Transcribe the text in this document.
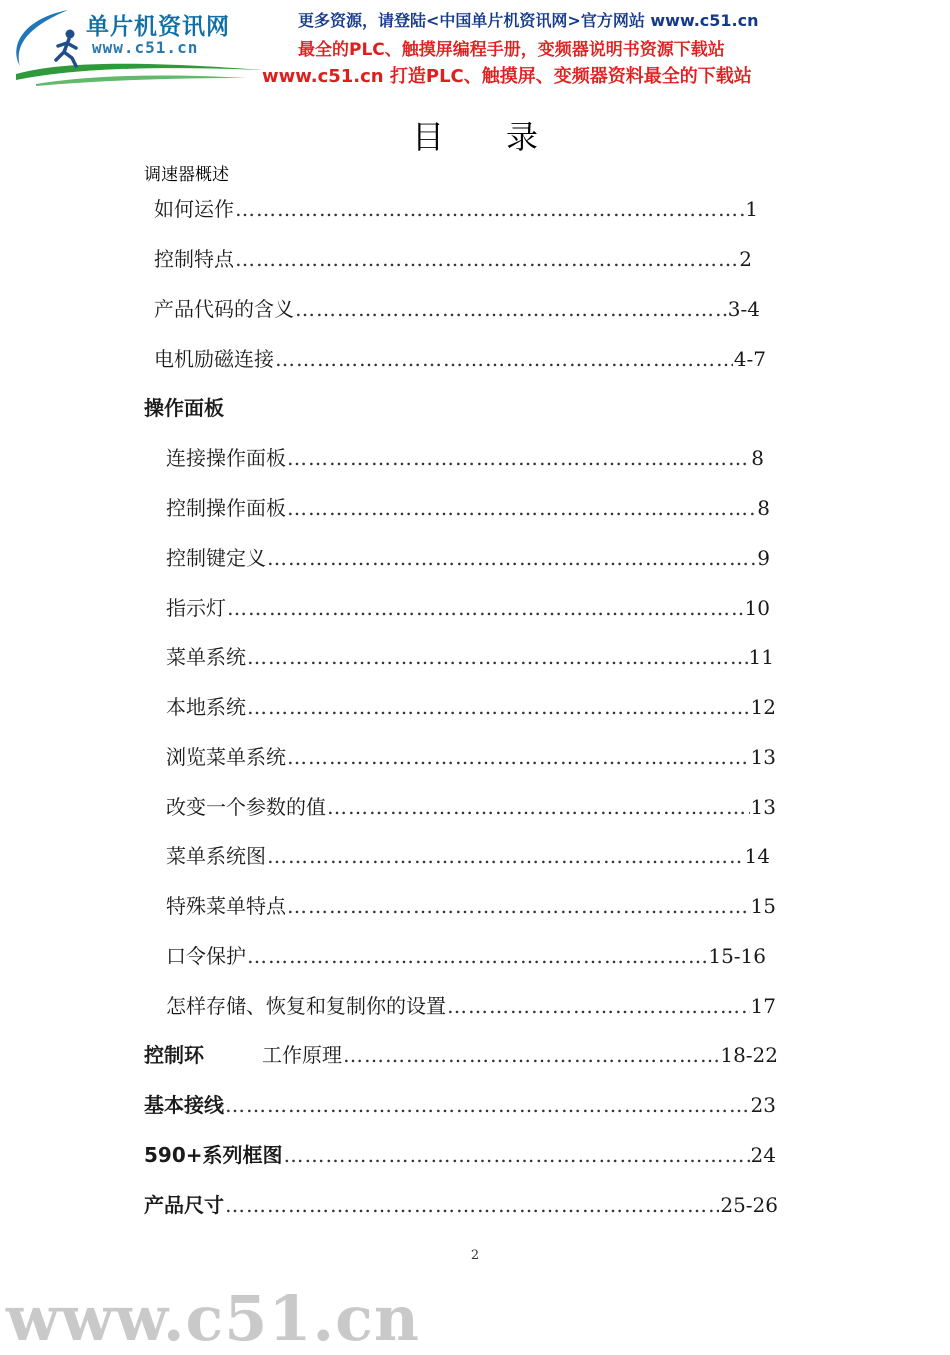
单片机资讯网
www.c51.cn
更多资源，请登陆<中国单片机资讯网>官方网站 www.c51.cn
最全的PLC、触摸屏编程手册，变频器说明书资源下载站
www.c51.cn 打造PLC、触摸屏、变频器资料最全的下载站
目录
调速器概述
如何运作 ……………………………………………………………………………………………………………………………………………………………………………………	1
控制特点 ……………………………………………………………………………………………………………………………………………………………………………………	2
产品代码的含义 ……………………………………………………………………………………………………………………………………………………………………………………	3-4
电机励磁连接 ……………………………………………………………………………………………………………………………………………………………………………………	4-7
操作面板
连接操作面板 ……………………………………………………………………………………………………………………………………………………………………………………	8
控制操作面板 ……………………………………………………………………………………………………………………………………………………………………………………	8
控制键定义 ……………………………………………………………………………………………………………………………………………………………………………………	9
指示灯 ……………………………………………………………………………………………………………………………………………………………………………………	10
菜单系统 ……………………………………………………………………………………………………………………………………………………………………………………	11
本地系统 ……………………………………………………………………………………………………………………………………………………………………………………	12
浏览菜单系统 ……………………………………………………………………………………………………………………………………………………………………………………	13
改变一个参数的值 ……………………………………………………………………………………………………………………………………………………………………………………	13
菜单系统图 ……………………………………………………………………………………………………………………………………………………………………………………	14
特殊菜单特点 ……………………………………………………………………………………………………………………………………………………………………………………	15
口令保护 ……………………………………………………………………………………………………………………………………………………………………………………	15-16
怎样存储、恢复和复制你的设置 ……………………………………………………………………………………………………………………………………………………………………………………	17
控制环	工作原理 ……………………………………………………………………………………………………………………………………………………………………………………	18-22
基本接线 ……………………………………………………………………………………………………………………………………………………………………………………	23
590+系列框图 ……………………………………………………………………………………………………………………………………………………………………………………	24
产品尺寸 ……………………………………………………………………………………………………………………………………………………………………………………	25-26
2
www.c51.cn
